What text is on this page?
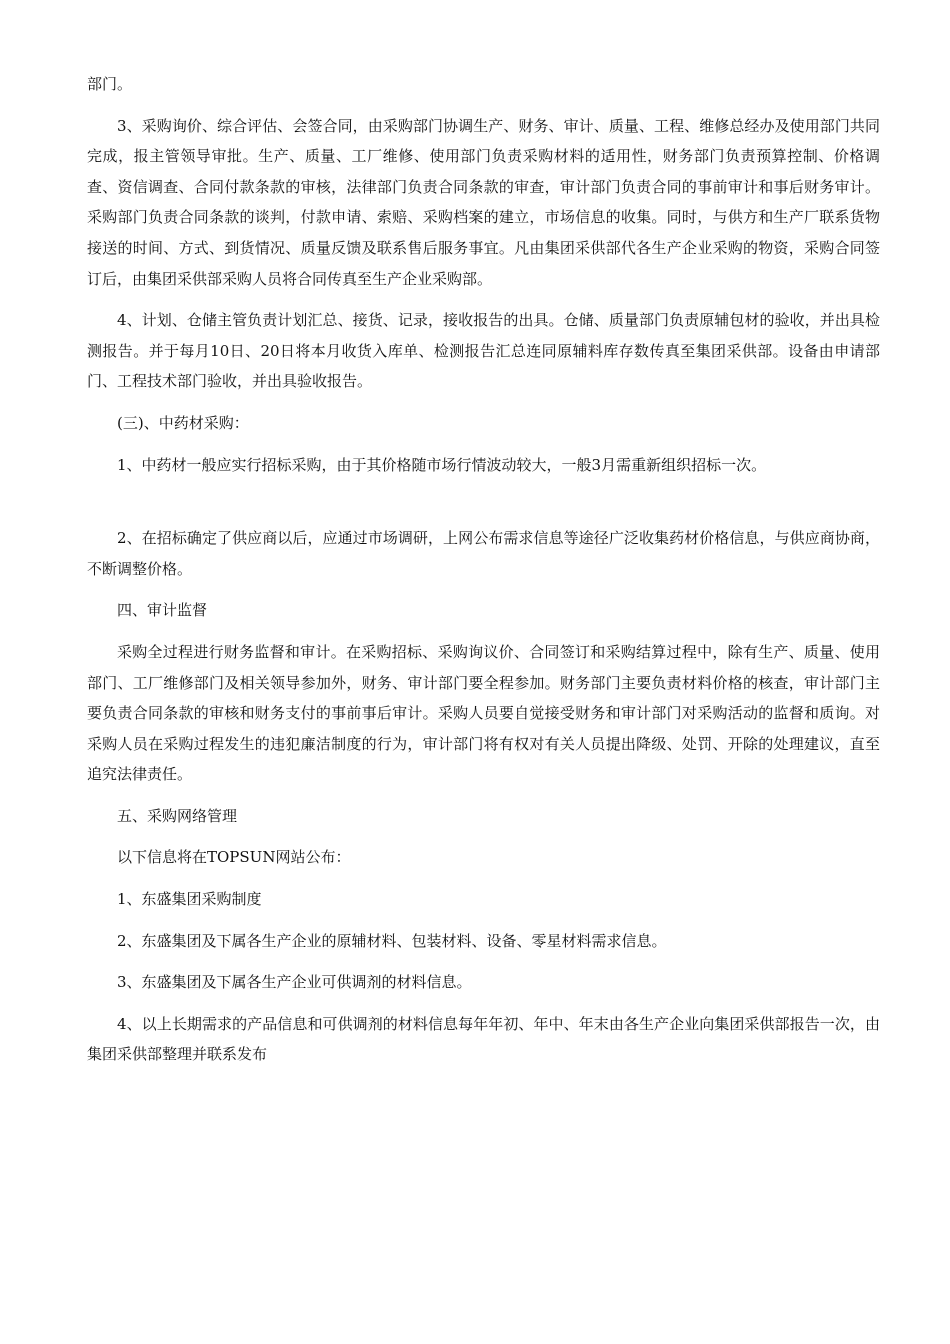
部门。

3、采购询价、综合评估、会签合同，由采购部门协调生产、财务、审计、质量、工程、维修总经办及使用部门共同完成，报主管领导审批。生产、质量、工厂维修、使用部门负责采购材料的适用性，财务部门负责预算控制、价格调查、资信调查、合同付款条款的审核，法律部门负责合同条款的审查，审计部门负责合同的事前审计和事后财务审计。采购部门负责合同条款的谈判，付款申请、索赔、采购档案的建立，市场信息的收集。同时，与供方和生产厂联系货物接送的时间、方式、到货情况、质量反馈及联系售后服务事宜。凡由集团采供部代各生产企业采购的物资，采购合同签订后，由集团采供部采购人员将合同传真至生产企业采购部。

4、计划、仓储主管负责计划汇总、接货、记录，接收报告的出具。仓储、质量部门负责原辅包材的验收，并出具检测报告。并于每月10日、20日将本月收货入库单、检测报告汇总连同原辅料库存数传真至集团采供部。设备由申请部门、工程技术部门验收，并出具验收报告。

(三)、中药材采购：

1、中药材一般应实行招标采购，由于其价格随市场行情波动较大，一般3月需重新组织招标一次。

2、在招标确定了供应商以后，应通过市场调研，上网公布需求信息等途径广泛收集药材价格信息，与供应商协商，不断调整价格。

四、审计监督

采购全过程进行财务监督和审计。在采购招标、采购询议价、合同签订和采购结算过程中，除有生产、质量、使用部门、工厂维修部门及相关领导参加外，财务、审计部门要全程参加。财务部门主要负责材料价格的核查，审计部门主要负责合同条款的审核和财务支付的事前事后审计。采购人员要自觉接受财务和审计部门对采购活动的监督和质询。对采购人员在采购过程发生的违犯廉洁制度的行为，审计部门将有权对有关人员提出降级、处罚、开除的处理建议，直至追究法律责任。

五、采购网络管理

以下信息将在TOPSUN网站公布：

1、东盛集团采购制度

2、东盛集团及下属各生产企业的原辅材料、包装材料、设备、零星材料需求信息。

3、东盛集团及下属各生产企业可供调剂的材料信息。

4、以上长期需求的产品信息和可供调剂的材料信息每年年初、年中、年末由各生产企业向集团采供部报告一次，由集团采供部整理并联系发布
